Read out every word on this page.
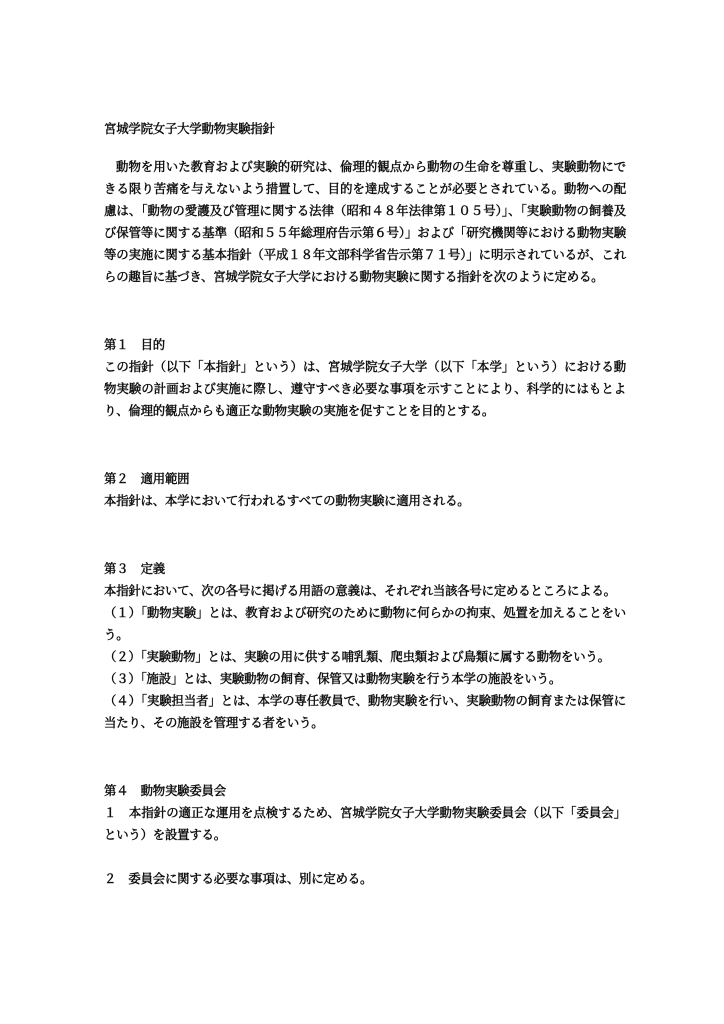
宮城学院女子大学動物実験指針

動物を用いた教育および実験的研究は、倫理的観点から動物の生命を尊重し、実験動物にできる限り苦痛を与えないよう措置して、目的を達成することが必要とされている。動物への配慮は、「動物の愛護及び管理に関する法律（昭和４８年法律第１０５号）」、「実験動物の飼養及び保管等に関する基準（昭和５５年総理府告示第６号）」および「研究機関等における動物実験等の実施に関する基本指針（平成１８年文部科学省告示第７１号）」に明示されているが、これらの趣旨に基づき、宮城学院女子大学における動物実験に関する指針を次のように定める。

第１　目的

この指針（以下「本指針」という）は、宮城学院女子大学（以下「本学」という）における動物実験の計画および実施に際し、遵守すべき必要な事項を示すことにより、科学的にはもとより、倫理的観点からも適正な動物実験の実施を促すことを目的とする。

第２　適用範囲

本指針は、本学において行われるすべての動物実験に適用される。

第３　定義

本指針において、次の各号に掲げる用語の意義は、それぞれ当該各号に定めるところによる。

（１）「動物実験」とは、教育および研究のために動物に何らかの拘束、処置を加えることをいう。

（２）「実験動物」とは、実験の用に供する哺乳類、爬虫類および鳥類に属する動物をいう。

（３）「施設」とは、実験動物の飼育、保管又は動物実験を行う本学の施設をいう。

（４）「実験担当者」とは、本学の専任教員で、動物実験を行い、実験動物の飼育または保管に当たり、その施設を管理する者をいう。

第４　動物実験委員会

１　本指針の適正な運用を点検するため、宮城学院女子大学動物実験委員会（以下「委員会」という）を設置する。

２　委員会に関する必要な事項は、別に定める。
